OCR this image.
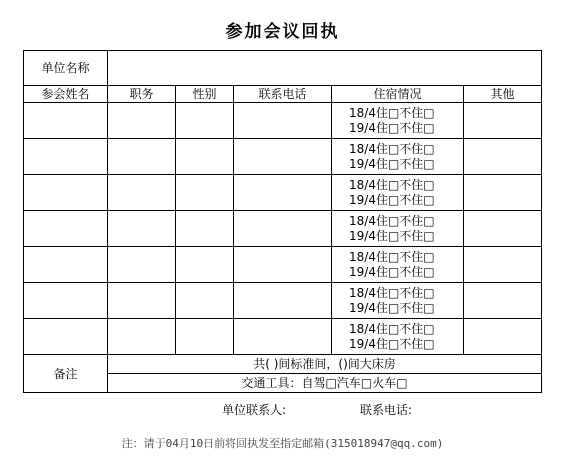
参加会议回执
单位名称					
参会姓名	职务	性别	联系电话	住宿情况	其他

				18/4住□不住□
19/4住□不住□	

				18/4住□不住□
19/4住□不住□	

				18/4住□不住□
19/4住□不住□	

				18/4住□不住□
19/4住□不住□	

				18/4住□不住□
19/4住□不住□	

				18/4住□不住□
19/4住□不住□	

				18/4住□不住□
19/4住□不住□	

备注	共( )间标准间，()间大床房				
	交通工具：自驾□汽车□火车□				
单位联系人:	联系电话:
注：请于04月10日前将回执发至指定邮箱(315018947@qq.com)
